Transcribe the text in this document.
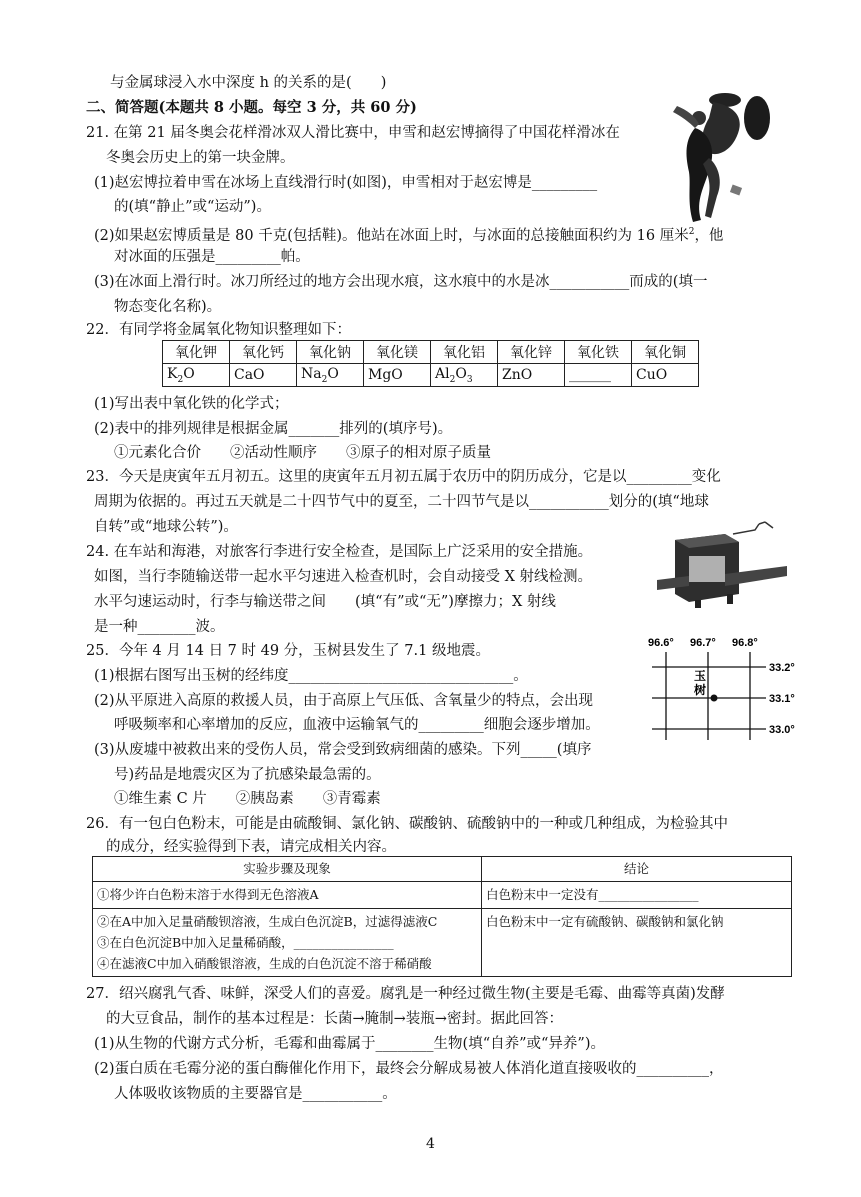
与金属球浸入水中深度 h 的关系的是(　　)
二、简答题(本题共 8 小题。每空 3 分，共 60 分)
21. 在第 21 届冬奥会花样滑冰双人滑比赛中，申雪和赵宏博摘得了中国花样滑冰在
冬奥会历史上的第一块金牌。
(1)赵宏博拉着申雪在冰场上直线滑行时(如图)，申雪相对于赵宏博是_________
的(填“静止”或“运动”)。
(2)如果赵宏博质量是 80 千克(包括鞋)。他站在冰面上时，与冰面的总接触面积约为 16 厘米$^2$，他
对冰面的压强是_________帕。
(3)在冰面上滑行时。冰刀所经过的地方会出现水痕，这水痕中的水是冰___________而成的(填一
物态变化名称)。
22．有同学将金属氧化物知识整理如下：
氧化钾	氧化钙	氧化钠	氧化镁	氧化铝	氧化锌	氧化铁	氧化铜
$K_2O$	CaO	$Na_2O$	MgO	$Al_2O_3$	ZnO	______	CuO
(1)写出表中氧化铁的化学式；
(2)表中的排列规律是根据金属_______排列的(填序号)。
①元素化合价　　②活动性顺序　　③原子的相对原子质量
23．今天是庚寅年五月初五。这里的庚寅年五月初五属于农历中的阴历成分，它是以_________变化
周期为依据的。再过五天就是二十四节气中的夏至，二十四节气是以___________划分的(填“地球
自转”或“地球公转”)。
24. 在车站和海港，对旅客行李进行安全检查，是国际上广泛采用的安全措施。
如图，当行李随输送带一起水平匀速进入检查机时，会自动接受 X 射线检测。
水平匀速运动时，行李与输送带之间　　(填“有”或“无”)摩擦力；X 射线
是一种________波。
25．今年 4 月 14 日 7 时 49 分，玉树县发生了 7.1 级地震。
(1)根据右图写出玉树的经纬度_______________________________。
(2)从平原进入高原的救援人员，由于高原上气压低、含氧量少的特点，会出现
呼吸频率和心率增加的反应，血液中运输氧气的_________细胞会逐步增加。
(3)从废墟中被救出来的受伤人员，常会受到致病细菌的感染。下列_____(填序
号)药品是地震灾区为了抗感染最急需的。
①维生素 C 片　　②胰岛素　　③青霉素
96.6° 96.7° 96.8°
33.2°
33.1°
33.0°
玉
树
26．有一包白色粉末，可能是由硫酸铜、氯化钠、碳酸钠、硫酸钠中的一种或几种组成，为检验其中
的成分，经实验得到下表，请完成相关内容。
实验步骤及现象	结论
①将少许白色粉末溶于水得到无色溶液A	白色粉末中一定没有________________

②在A中加入足量硝酸钡溶液，生成白色沉淀B，过滤得滤液C
③在白色沉淀B中加入足量稀硝酸，________________
④在滤液C中加入硝酸银溶液，生成的白色沉淀不溶于稀硝酸	白色粉末中一定有硫酸钠、碳酸钠和氯化钠
27．绍兴腐乳气香、味鲜，深受人们的喜爱。腐乳是一种经过微生物(主要是毛霉、曲霉等真菌)发酵
的大豆食品，制作的基本过程是：长菌→腌制→装瓶→密封。据此回答：
(1)从生物的代谢方式分析，毛霉和曲霉属于________生物(填“自养”或“异养”)。
(2)蛋白质在毛霉分泌的蛋白酶催化作用下，最终会分解成易被人体消化道直接吸收的__________，
人体吸收该物质的主要器官是___________。
4
